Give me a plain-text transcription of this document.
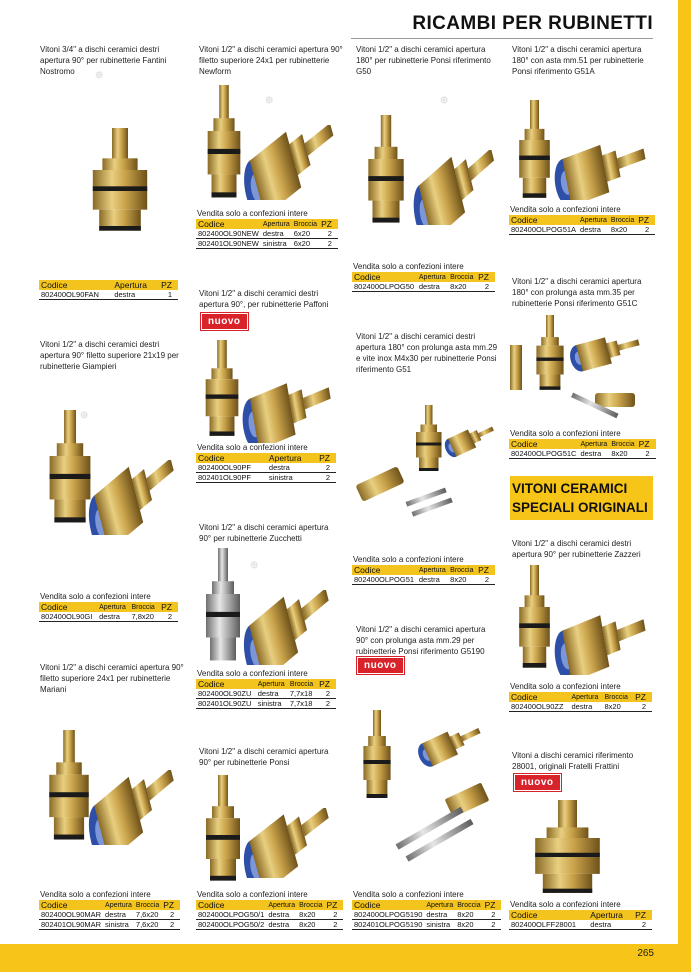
265
RICAMBI PER RUBINETTI
⊕
⊕	⊕
⊕
⊕
Vitoni 3/4" a dischi ceramici destri
apertura 90° per rubinetterie Fantini
Nostromo
Codice	Apertura	PZ
802400OL90FAN	destra	1
Vitoni 1/2" a dischi ceramici destri
apertura 90° filetto superiore 21x19 per
rubinetterie Giampieri
Vendita solo a confezioni intere
Codice	Apertura	Broccia	PZ
802400OL90GI	destra	7,8x20	2
Vitoni 1/2" a dischi ceramici apertura 90°
filetto superiore 24x1 per rubinetterie
Mariani
Vendita solo a confezioni intere
Codice	Apertura	Broccia	PZ
802400OL90MAR	destra	7,6x20	2
802401OL90MAR	sinistra	7,6x20	2
Vitoni 1/2" a dischi ceramici apertura 90°
filetto superiore 24x1 per rubinetterie
Newform
Vendita solo a confezioni intere
Codice	Apertura	Broccia	PZ
802400OL90NEW	destra	6x20	2
802401OL90NEW	sinistra	6x20	2
Vitoni 1/2" a dischi ceramici destri
apertura 90°, per rubinetterie Paffoni
nuovo
Vendita solo a confezioni intere
Codice	Apertura	PZ
802400OL90PF	destra	2
802401OL90PF	sinistra	2
Vitoni 1/2" a dischi ceramici apertura
90° per rubinetterie Zucchetti
Vendita solo a confezioni intere
Codice	Apertura	Broccia	PZ
802400OL90ZU	destra	7,7x18	2
802401OL90ZU	sinistra	7,7x18	2
Vitoni 1/2" a dischi ceramici apertura
90° per rubinetterie Ponsi
Vendita solo a confezioni intere
Codice	Apertura	Broccia	PZ
802400OLPOG50/1	destra	8x20	2
802400OLPOG50/2	destra	8x20	2
Vitoni 1/2" a dischi ceramici apertura
180° per rubinetterie Ponsi riferimento
G50
Vendita solo a confezioni intere
Codice	Apertura	Broccia	PZ
802400OLPOG50	destra	8x20	2
Vitoni 1/2" a dischi ceramici destri
apertura 180° con prolunga asta mm.29
e vite inox M4x30 per rubinetterie Ponsi
riferimento G51
Vendita solo a confezioni intere
Codice	Apertura	Broccia	PZ
802400OLPOG51	destra	8x20	2
Vitoni 1/2" a dischi ceramici apertura
90° con prolunga asta mm.29 per
rubinetterie Ponsi riferimento G5190
nuovo
Vendita solo a confezioni intere
Codice	Apertura	Broccia	PZ
802400OLPOG5190	destra	8x20	2
802401OLPOG5190	sinistra	8x20	2
Vitoni 1/2" a dischi ceramici apertura
180° con asta mm.51 per rubinetterie
Ponsi riferimento G51A
Vendita solo a confezioni intere
Codice	Apertura	Broccia	PZ
802400OLPOG51A	destra	8x20	2
Vitoni 1/2" a dischi ceramici apertura
180° con prolunga asta mm.35 per
rubinetterie Ponsi riferimento G51C
Vendita solo a confezioni intere
Codice	Apertura	Broccia	PZ
802400OLPOG51C	destra	8x20	2
VITONI CERAMICI
SPECIALI ORIGINALI
Vitoni 1/2" a dischi ceramici destri
apertura 90° per rubinetterie Zazzeri
Vendita solo a confezioni intere
Codice	Apertura	Broccia	PZ
802400OL90ZZ	destra	8x20	2
Vitoni a dischi ceramici riferimento
28001, originali Fratelli Frattini
nuovo
Vendita solo a confezioni intere
Codice	Apertura	PZ
802400OLFF28001	destra	2
